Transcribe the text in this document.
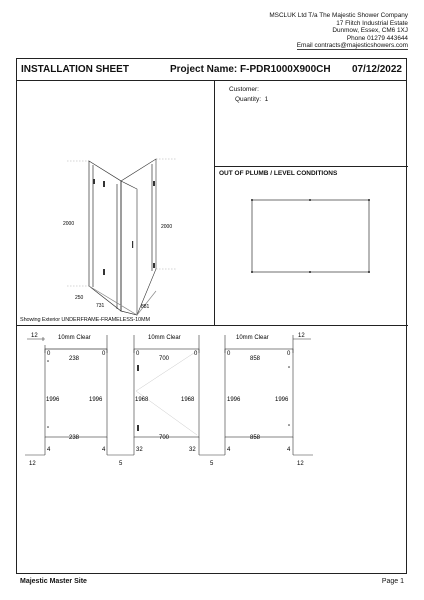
MSCLUK Ltd T/a The Majestic Shower Company
17 Flitch Industrial Estate
Dunmow, Essex, CM6 1XJ
Phone 01279 443644
Email contracts@majesticshowers.com
INSTALLATION SHEET	Project Name: F-PDR1000X900CH 07/12/2022
2000	2000
250
731	881
Showing Exterior UNDERFRAME-FRAMELESS-10MM
Customer:
Quantity: 1
OUT OF PLUMB / LEVEL CONDITIONS
12	12
12	5	5	12
10mm Clear
0	0
238
1996	1996
238
4	4
10mm Clear
0	0
700
1968	1968
700
32	32
10mm Clear
0	0
858
1996	1996
858
4	4
Majestic Master Site	Page 1
